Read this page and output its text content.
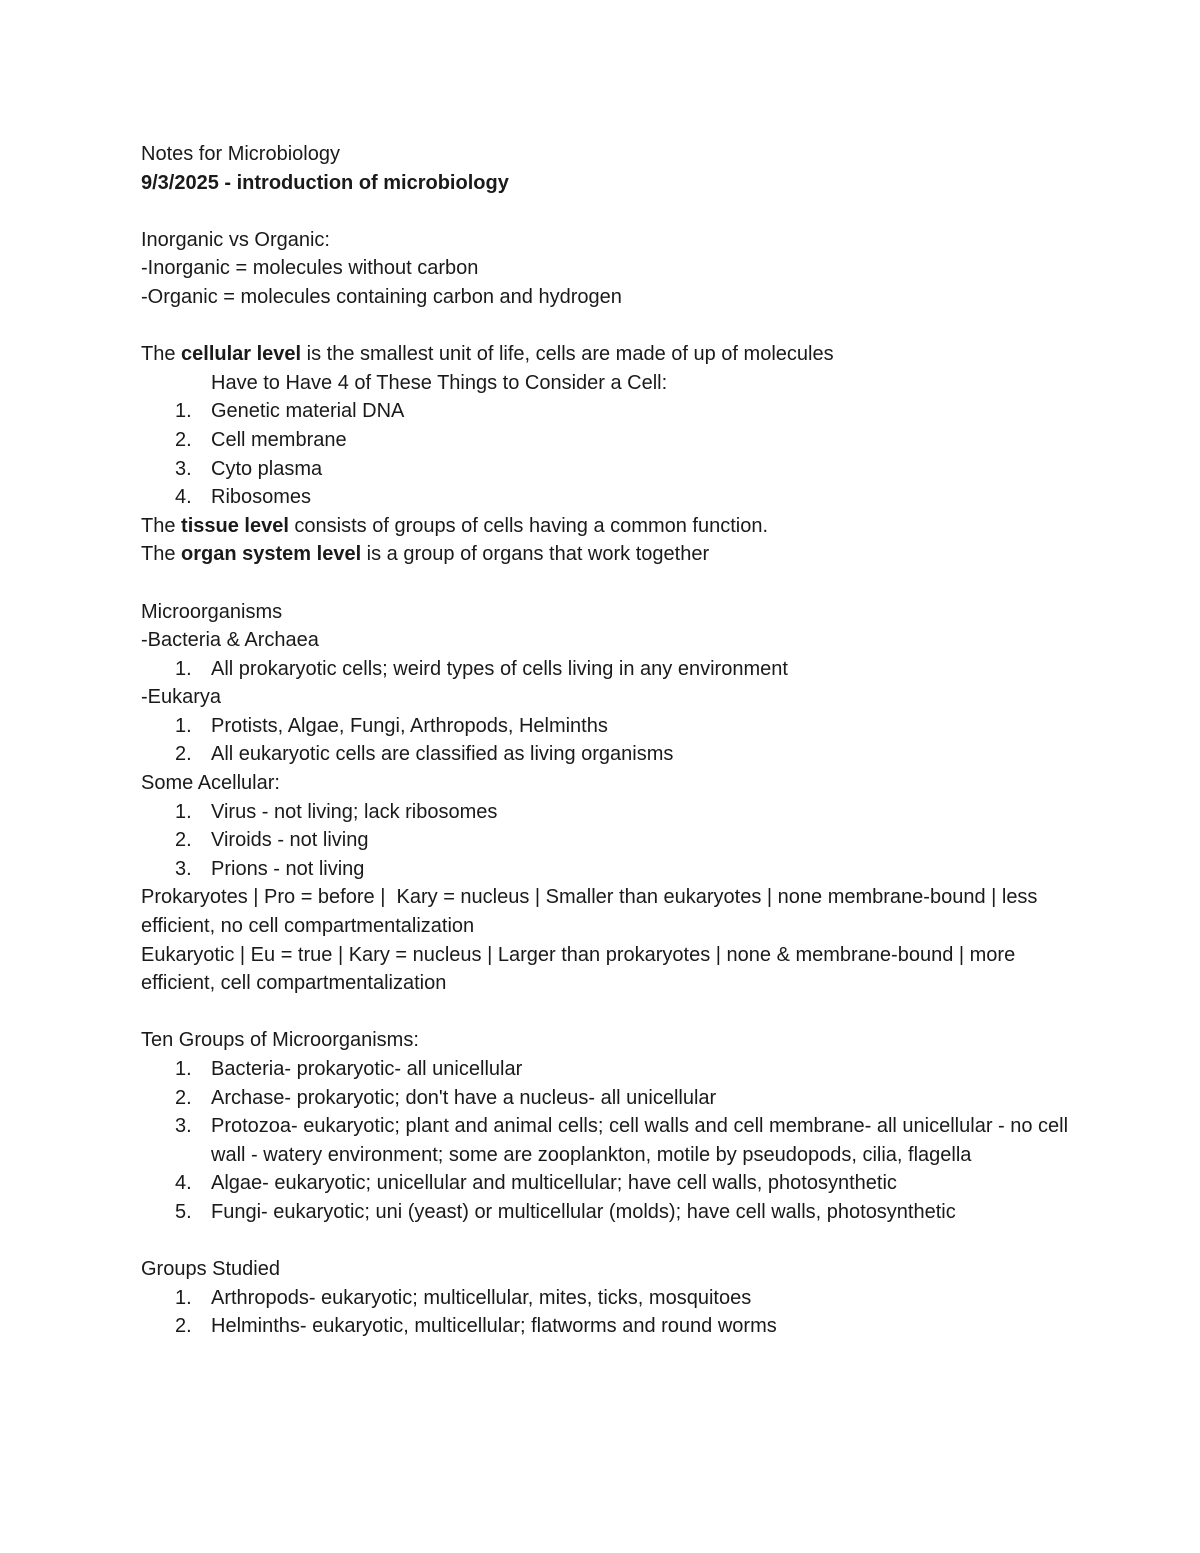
Notes for Microbiology

9/3/2025 - introduction of microbiology

Inorganic vs Organic:

-Inorganic = molecules without carbon

-Organic = molecules containing carbon and hydrogen

The cellular level is the smallest unit of life, cells are made of up of molecules

Have to Have 4 of These Things to Consider a Cell:

1. Genetic material DNA
2. Cell membrane
3. Cyto plasma
4. Ribosomes

The tissue level consists of groups of cells having a common function.

The organ system level is a group of organs that work together

Microorganisms

-Bacteria & Archaea

1. All prokaryotic cells; weird types of cells living in any environment

-Eukarya

1. Protists, Algae, Fungi, Arthropods, Helminths
2. All eukaryotic cells are classified as living organisms

Some Acellular:

1. Virus - not living; lack ribosomes
2. Viroids - not living
3. Prions - not living

Prokaryotes | Pro = before |  Kary = nucleus | Smaller than eukaryotes | none membrane-bound | less efficient, no cell compartmentalization

Eukaryotic | Eu = true | Kary = nucleus | Larger than prokaryotes | none & membrane-bound | more efficient, cell compartmentalization

Ten Groups of Microorganisms:

1. Bacteria- prokaryotic- all unicellular
2. Archase- prokaryotic; don't have a nucleus- all unicellular
3. Protozoa- eukaryotic; plant and animal cells; cell walls and cell membrane- all unicellular - no cell wall - watery environment; some are zooplankton, motile by pseudopods, cilia, flagella
4. Algae- eukaryotic; unicellular and multicellular; have cell walls, photosynthetic
5. Fungi- eukaryotic; uni (yeast) or multicellular (molds); have cell walls, photosynthetic

Groups Studied

1. Arthropods- eukaryotic; multicellular, mites, ticks, mosquitoes
2. Helminths- eukaryotic, multicellular; flatworms and round worms
